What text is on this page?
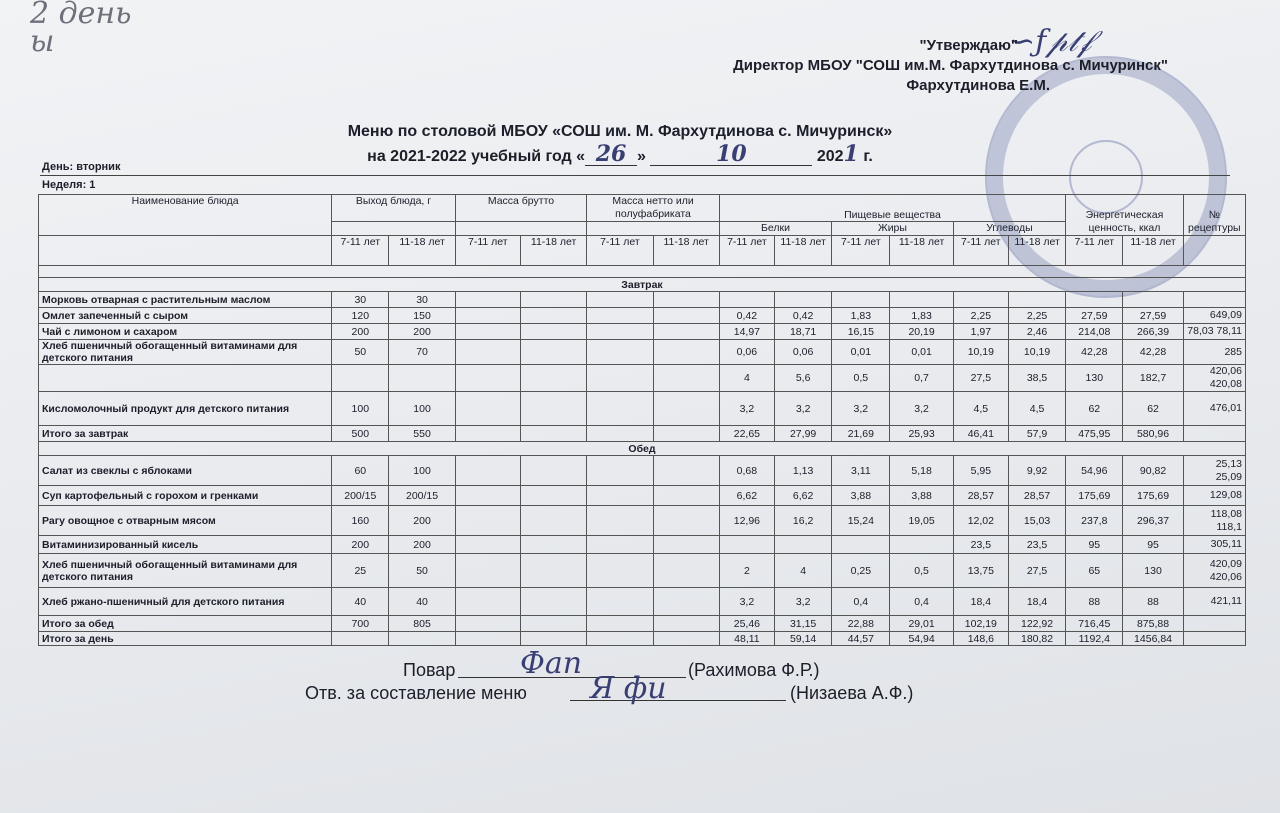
2 день
ы	∽ƒ𝓅𝓉𝒻
"Утверждаю"
Директор МБОУ "СОШ им.М. Фархутдинова с. Мичуринск"
Фархутдинова Е.М.
Меню по столовой МБОУ «СОШ им. М. Фархутдинова с. Мичуринск»
на 2021-2022 учебный год « 26 »	10	2021 г.
День: вторник
Неделя: 1
Наименование блюда	Выход блюда, г		Масса брутто		Масса нетто или полуфабриката		Пищевые вещества						Энергетическая ценность, ккал		№ рецептуры
							Белки		Жиры		Углеводы				
	7-11 лет	11-18 лет	7-11 лет	11-18 лет	7-11 лет	11-18 лет	7-11 лет	11-18 лет	7-11 лет	11-18 лет	7-11 лет	11-18 лет	7-11 лет	11-18 лет	

Завтрак															
Морковь отварная с растительным маслом	30	30													
Омлет запеченный с сыром	120	150					0,42	0,42	1,83	1,83	2,25	2,25	27,59	27,59	649,09
Чай с лимоном и сахаром	200	200					14,97	18,71	16,15	20,19	1,97	2,46	214,08	266,39	78,03 78,11
Хлеб пшеничный обогащенный витаминами для детского питания	50	70					0,06	0,06	0,01	0,01	10,19	10,19	42,28	42,28	285
							4	5,6	0,5	0,7	27,5	38,5	130	182,7	420,06 420,08
Кисломолочный продукт для детского питания	100	100					3,2	3,2	3,2	3,2	4,5	4,5	62	62	476,01
Итого за завтрак	500	550					22,65	27,99	21,69	25,93	46,41	57,9	475,95	580,96	
Обед															
Салат из свеклы с яблоками	60	100					0,68	1,13	3,11	5,18	5,95	9,92	54,96	90,82	25,13 25,09
Суп картофельный с горохом и гренками	200/15	200/15					6,62	6,62	3,88	3,88	28,57	28,57	175,69	175,69	129,08
Рагу овощное с отварным мясом	160	200					12,96	16,2	15,24	19,05	12,02	15,03	237,8	296,37	118,08 118,1
Витаминизированный кисель	200	200									23,5	23,5	95	95	305,11
Хлеб пшеничный обогащенный витаминами для детского питания	25	50					2	4	0,25	0,5	13,75	27,5	65	130	420,09 420,06
Хлеб ржано-пшеничный для детского питания	40	40					3,2	3,2	0,4	0,4	18,4	18,4	88	88	421,11
Итого за обед	700	805					25,46	31,15	22,88	29,01	102,19	122,92	716,45	875,88	
Итого за день							48,11	59,14	44,57	54,94	148,6	180,82	1192,4	1456,84	
Повар Фап	(Рахимова Ф.Р.)
Отв. за составление меню Я фи	(Низаева А.Ф.)
